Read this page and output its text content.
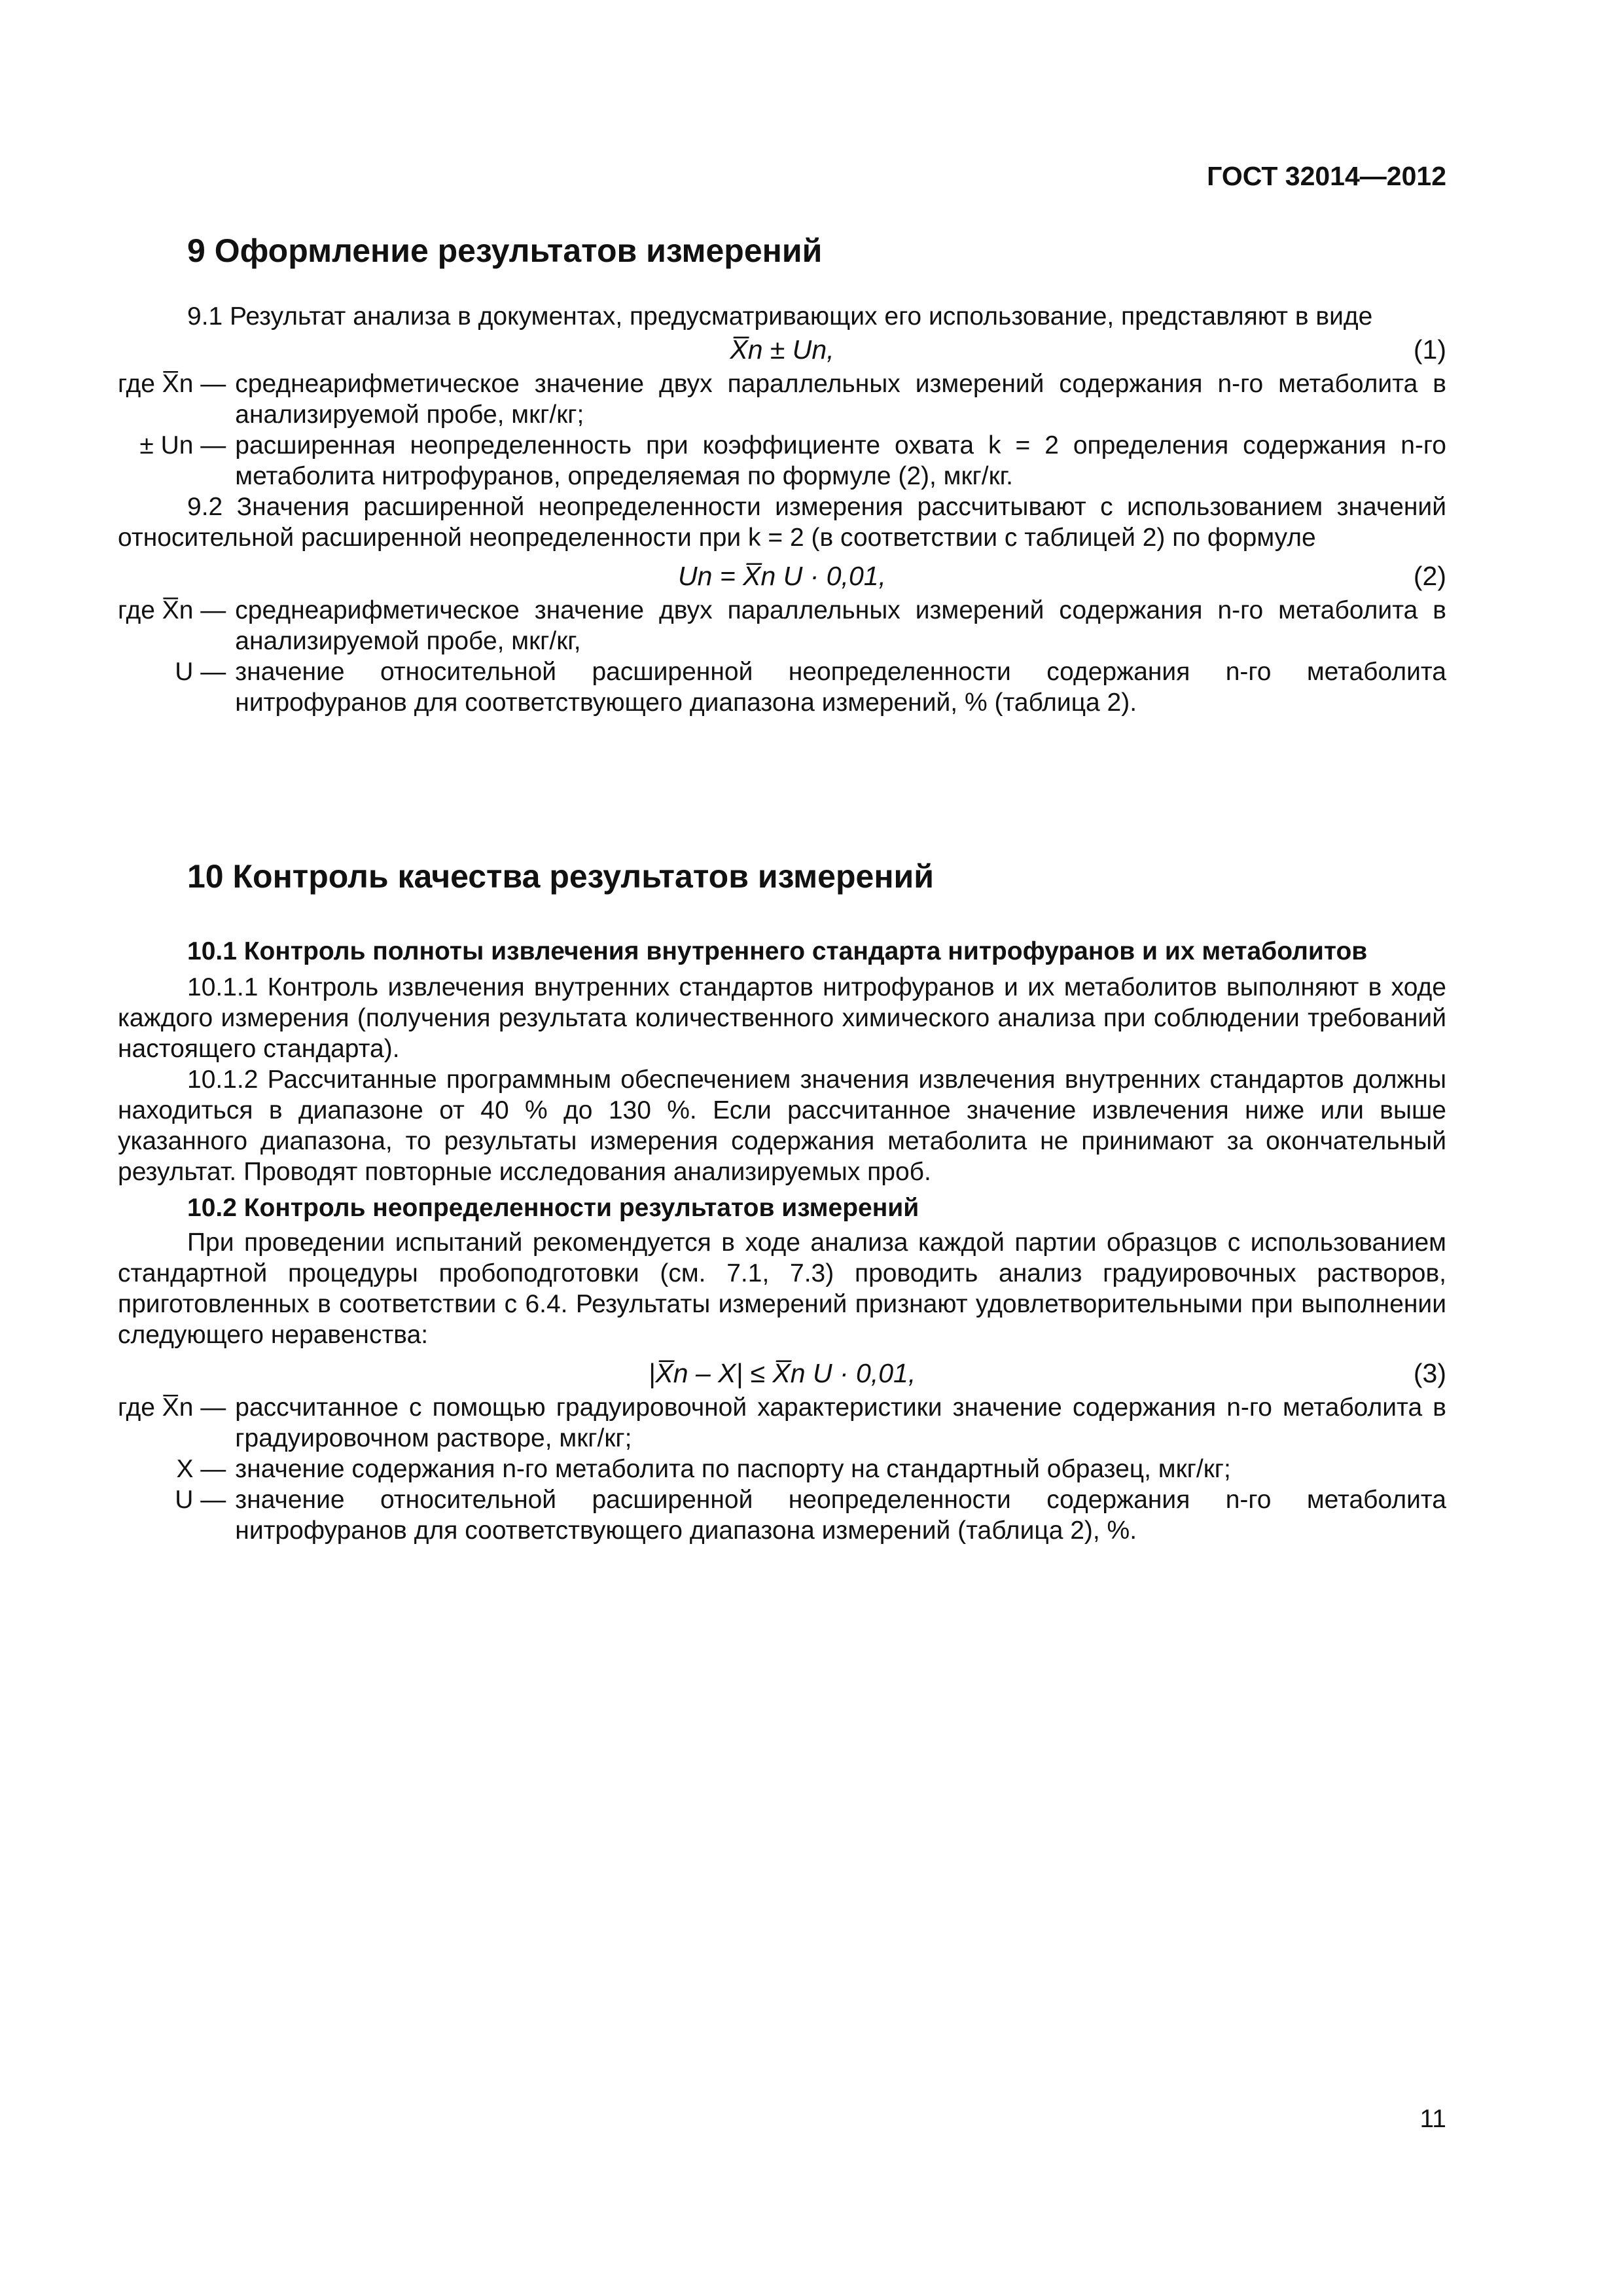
ГОСТ 32014—2012
9 Оформление результатов измерений

9.1 Результат анализа в документах, предусматривающих его использование, представляют в виде

X̅n ± Un,	(1)
где X̅n — среднеарифметическое значение двух параллельных измерений содержания n-го метаболита в анализируемой пробе, мкг/кг;
± Un — расширенная неопределенность при коэффициенте охвата k = 2 определения содержания n-го метаболита нитрофуранов, определяемая по формуле (2), мкг/кг.

9.2 Значения расширенной неопределенности измерения рассчитывают с использованием значений относительной расширенной неопределенности при k = 2 (в соответствии с таблицей 2) по формуле

Un = X̅n U · 0,01,	(2)
где X̅n — среднеарифметическое значение двух параллельных измерений содержания n-го метаболита в анализируемой пробе, мкг/кг,
U — значение относительной расширенной неопределенности содержания n-го метаболита нитрофуранов для соответствующего диапазона измерений, % (таблица 2).
10 Контроль качества результатов измерений
10.1 Контроль полноты извлечения внутреннего стандарта нитрофуранов и их метаболитов

10.1.1 Контроль извлечения внутренних стандартов нитрофуранов и их метаболитов выполняют в ходе каждого измерения (получения результата количественного химического анализа при соблюдении требований настоящего стандарта).

10.1.2 Рассчитанные программным обеспечением значения извлечения внутренних стандартов должны находиться в диапазоне от 40 % до 130 %. Если рассчитанное значение извлечения ниже или выше указанного диапазона, то результаты измерения содержания метаболита не принимают за окончательный результат. Проводят повторные исследования анализируемых проб.

10.2 Контроль неопределенности результатов измерений

При проведении испытаний рекомендуется в ходе анализа каждой партии образцов с использованием стандартной процедуры пробоподготовки (см. 7.1, 7.3) проводить анализ градуировочных растворов, приготовленных в соответствии с 6.4. Результаты измерений признают удовлетворительными при выполнении следующего неравенства:

|X̅n – X| ≤ X̅n U · 0,01,	(3)
где X̅n — рассчитанное с помощью градуировочной характеристики значение содержания n-го метаболита в градуировочном растворе, мкг/кг;
X — значение содержания n-го метаболита по паспорту на стандартный образец, мкг/кг;
U — значение относительной расширенной неопределенности содержания n-го метаболита нитрофуранов для соответствующего диапазона измерений (таблица 2), %.
11
